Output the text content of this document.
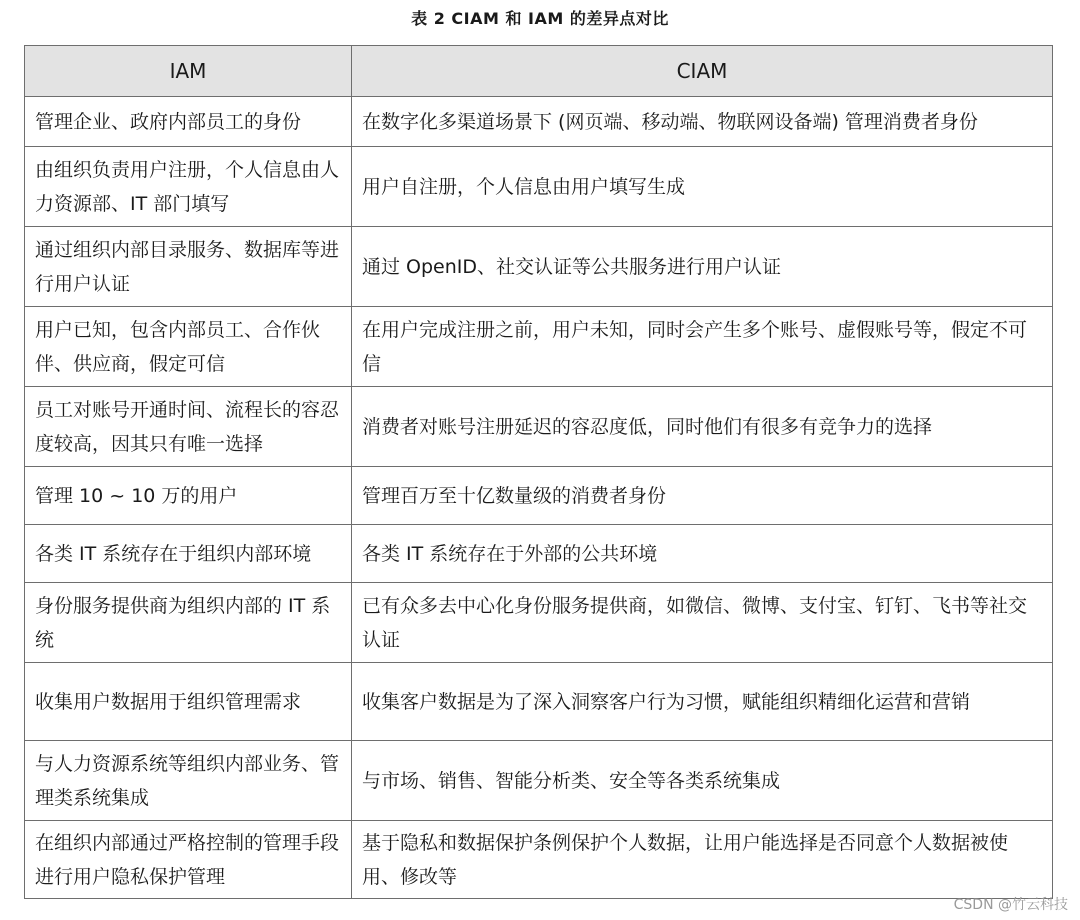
表 2 CIAM 和 IAM 的差异点对比
IAM	CIAM
管理企业、政府内部员工的身份	在数字化多渠道场景下 (网页端、移动端、物联网设备端) 管理消费者身份
由组织负责用户注册，个人信息由人力资源部、IT 部门填写	用户自注册，个人信息由用户填写生成
通过组织内部目录服务、数据库等进行用户认证	通过 OpenID、社交认证等公共服务进行用户认证
用户已知，包含内部员工、合作伙伴、供应商，假定可信	在用户完成注册之前，用户未知，同时会产生多个账号、虚假账号等，假定不可信
员工对账号开通时间、流程长的容忍度较高，因其只有唯一选择	消费者对账号注册延迟的容忍度低，同时他们有很多有竞争力的选择
管理 10 ~ 10 万的用户	管理百万至十亿数量级的消费者身份
各类 IT 系统存在于组织内部环境	各类 IT 系统存在于外部的公共环境
身份服务提供商为组织内部的 IT 系统	已有众多去中心化身份服务提供商，如微信、微博、支付宝、钉钉、飞书等社交认证
收集用户数据用于组织管理需求	收集客户数据是为了深入洞察客户行为习惯，赋能组织精细化运营和营销
与人力资源系统等组织内部业务、管理类系统集成	与市场、销售、智能分析类、安全等各类系统集成
在组织内部通过严格控制的管理手段进行用户隐私保护管理	基于隐私和数据保护条例保护个人数据，让用户能选择是否同意个人数据被使用、修改等
CSDN @竹云科技
